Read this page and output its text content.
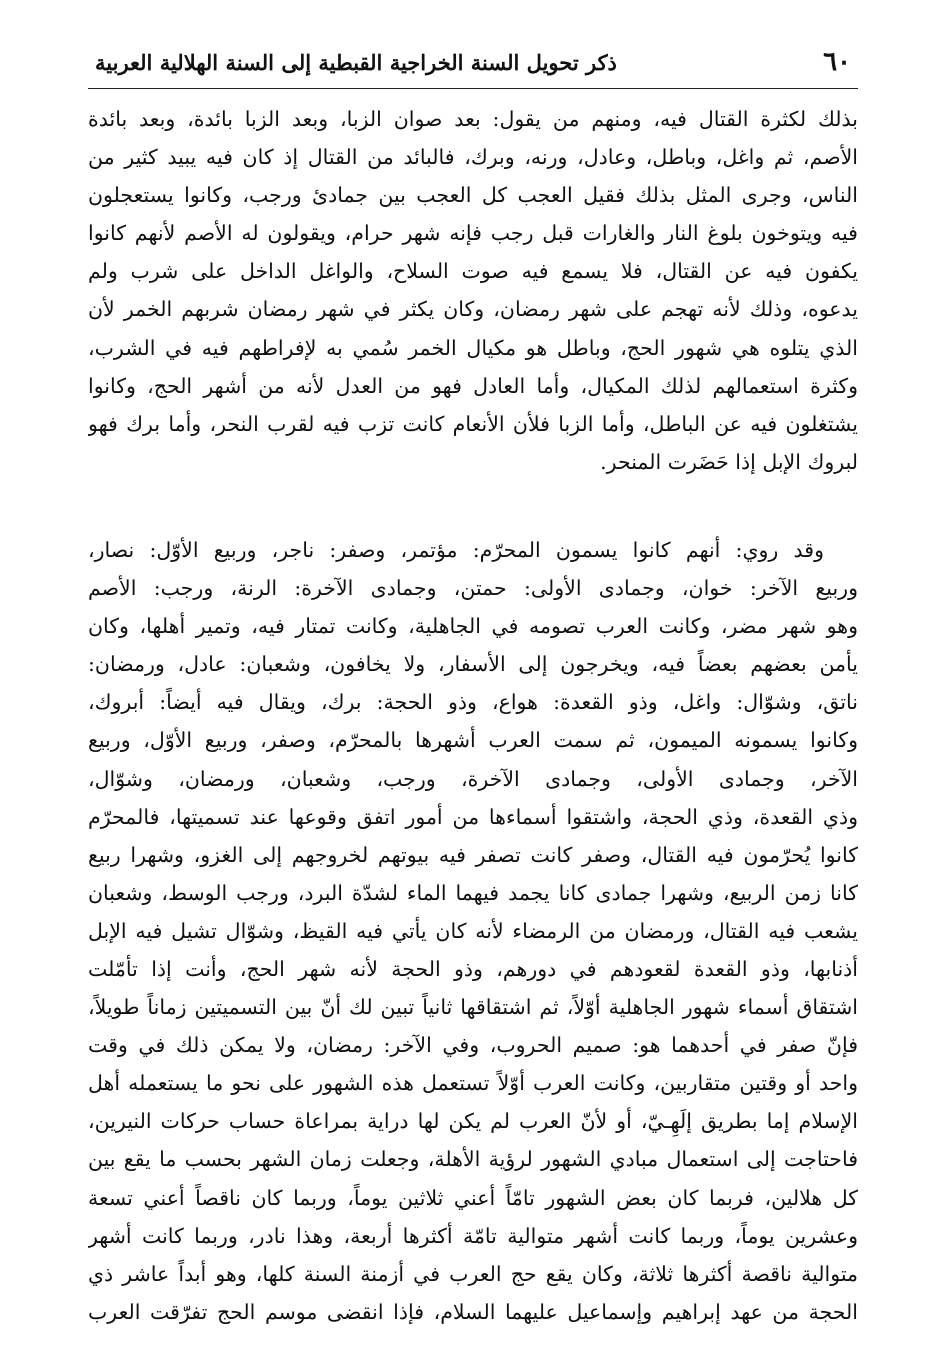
٦٠
ذكر تحويل السنة الخراجية القبطية إلى السنة الهلالية العربية
بذلك لكثرة القتال فيه، ومنهم من يقول: بعد صوان الزبا، وبعد الزبا بائدة، وبعد بائدة
الأصم، ثم واغل، وباطل، وعادل، ورنه، وبرك، فالبائد من القتال إذ كان فيه يبيد كثير من
الناس، وجرى المثل بذلك فقيل العجب كل العجب بين جمادئ ورجب، وكانوا يستعجلون
فيه ويتوخون بلوغ النار والغارات قبل رجب فإنه شهر حرام، ويقولون له الأصم لأنهم كانوا
يكفون فيه عن القتال، فلا يسمع فيه صوت السلاح، والواغل الداخل على شرب ولم
يدعوه، وذلك لأنه تهجم على شهر رمضان، وكان يكثر في شهر رمضان شربهم الخمر لأن
الذي يتلوه هي شهور الحج، وباطل هو مكيال الخمر سُمي به لإفراطهم فيه في الشرب،
وكثرة استعمالهم لذلك المكيال، وأما العادل فهو من العدل لأنه من أشهر الحج، وكانوا
يشتغلون فيه عن الباطل، وأما الزبا فلأن الأنعام كانت تزب فيه لقرب النحر، وأما برك فهو
لبروك الإبل إذا حَضَرت المنحر.
وقد روي: أنهم كانوا يسمون المحرّم: مؤتمر، وصفر: ناجر، وربيع الأوّل: نصار،
وربيع الآخر: خوان، وجمادى الأولى: حمتن، وجمادى الآخرة: الرنة، ورجب: الأصم
وهو شهر مضر، وكانت العرب تصومه في الجاهلية، وكانت تمتار فيه، وتمير أهلها، وكان
يأمن بعضهم بعضاً فيه، ويخرجون إلى الأسفار، ولا يخافون، وشعبان: عادل، ورمضان:
ناتق، وشوّال: واغل، وذو القعدة: هواع، وذو الحجة: برك، ويقال فيه أيضاً: أبروك،
وكانوا يسمونه الميمون، ثم سمت العرب أشهرها بالمحرّم، وصفر، وربيع الأوّل، وربيع
الآخر، وجمادى الأولى، وجمادى الآخرة، ورجب، وشعبان، ورمضان، وشوّال،
وذي القعدة، وذي الحجة، واشتقوا أسماءها من أمور اتفق وقوعها عند تسميتها، فالمحرّم
كانوا يُحرّمون فيه القتال، وصفر كانت تصفر فيه بيوتهم لخروجهم إلى الغزو، وشهرا ربيع
كانا زمن الربيع، وشهرا جمادى كانا يجمد فيهما الماء لشدّة البرد، ورجب الوسط، وشعبان
يشعب فيه القتال، ورمضان من الرمضاء لأنه كان يأتي فيه القيظ، وشوّال تشيل فيه الإبل
أذنابها، وذو القعدة لقعودهم في دورهم، وذو الحجة لأنه شهر الحج، وأنت إذا تأمّلت
اشتقاق أسماء شهور الجاهلية أوّلاً، ثم اشتقاقها ثانياً تبين لك أنّ بين التسميتين زماناً طويلاً،
فإنّ صفر في أحدهما هو: صميم الحروب، وفي الآخر: رمضان، ولا يمكن ذلك في وقت
واحد أو وقتين متقاربين، وكانت العرب أوّلاً تستعمل هذه الشهور على نحو ما يستعمله أهل
الإسلام إما بطريق إلَهِـيّ، أو لأنّ العرب لم يكن لها دراية بمراعاة حساب حركات النيرين،
فاحتاجت إلى استعمال مبادي الشهور لرؤية الأهلة، وجعلت زمان الشهر بحسب ما يقع بين
كل هلالين، فربما كان بعض الشهور تامّاً أعني ثلاثين يوماً، وربما كان ناقصاً أعني تسعة
وعشرين يوماً، وربما كانت أشهر متوالية تامّة أكثرها أربعة، وهذا نادر، وربما كانت أشهر
متوالية ناقصة أكثرها ثلاثة، وكان يقع حج العرب في أزمنة السنة كلها، وهو أبداً عاشر ذي
الحجة من عهد إبراهيم وإسماعيل عليهما السلام، فإذا انقضى موسم الحج تفرّقت العرب
